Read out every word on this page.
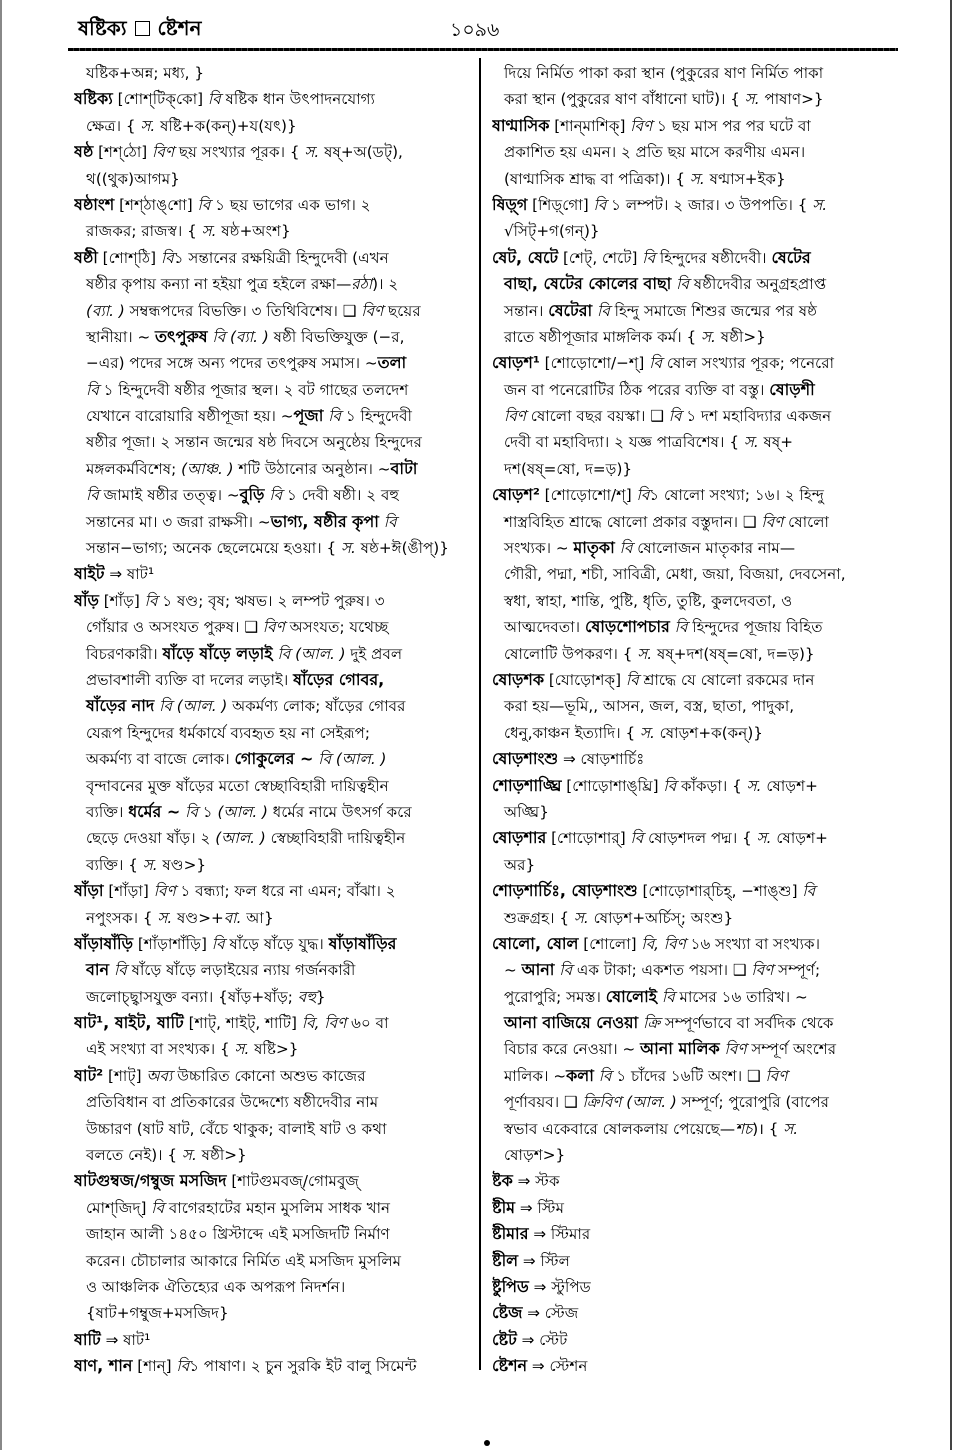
ষষ্টিক্য ষ্টেশন	১০৯৬
যষ্টিক+অন্ন; মধ্য, }
ষষ্টিক্য [শোশ্‌টিক্‌কো] বি ষষ্টিক ধান উৎপাদনযোগ্য
ক্ষেত্র। { স. ষষ্টি+ক(কন্‌)+য(যৎ)}
ষষ্ঠ [শশ্‌ঠো] বিণ ছয় সংখ্যার পূরক। { স. ষষ্‌+অ(ডট্‌),
থ((থুক)আগম}
ষষ্ঠাংশ [শশ্‌ঠাঙ্‌শো] বি ১ ছয় ভাগের এক ভাগ। ২
রাজকর; রাজস্ব। { স. ষষ্ঠ+অংশ}
ষষ্ঠী [শোশ্‌ঠি] বি১ সন্তানের রক্ষয়িত্রী হিন্দুদেবী (এখন
ষষ্ঠীর কৃপায় কন্যা না হইয়া পুত্র হইলে রক্ষা—রঠা)। ২
(ব্যা. ) সম্বন্ধপদের বিভক্তি। ৩ তিথিবিশেষ। ❑ বিণ ছয়ের
স্থানীয়া। ~ তৎপুরুষ বি (ব্যা. ) ষষ্ঠী বিভক্তিযুক্ত (−র,
−এর) পদের সঙ্গে অন্য পদের তৎপুরুষ সমাস। ~তলা
বি ১ হিন্দুদেবী ষষ্ঠীর পূজার স্থল। ২ বট গাছের তলদেশ
যেখানে বারোয়ারি ষষ্ঠীপূজা হয়। ~পূজা বি ১ হিন্দুদেবী
ষষ্ঠীর পূজা। ২ সন্তান জন্মের ষষ্ঠ দিবসে অনুষ্ঠেয় হিন্দুদের
মঙ্গলকর্মবিশেষ; (আঞ্চ. ) শটি উঠানোর অনুষ্ঠান। ~বাটা
বি জামাই ষষ্ঠীর তত্ত্ব। ~বুড়ি বি ১ দেবী ষষ্ঠী। ২ বহু
সন্তানের মা। ৩ জরা রাক্ষসী। ~ভাগ্য, ষষ্ঠীর কৃপা বি
সন্তান−ভাগ্য; অনেক ছেলেমেয়ে হওয়া। { স. ষষ্ঠ+ঈ(ঙীপ্‌)}
ষাইট ⇒ ষাট¹
ষাঁড় [শাঁড়] বি ১ ষণ্ড; বৃষ; ঋষভ। ২ লম্পট পুরুষ। ৩
গোঁয়ার ও অসংযত পুরুষ। ❑ বিণ অসংযত; যথেচ্ছ
বিচরণকারী। ষাঁড়ে ষাঁড়ে লড়াই বি (আল. ) দুই প্রবল
প্রভাবশালী ব্যক্তি বা দলের লড়াই। ষাঁড়ের গোবর,
ষাঁড়ের নাদ বি (আল. ) অকর্মণ্য লোক; ষাঁড়ের গোবর
যেরূপ হিন্দুদের ধর্মকার্যে ব্যবহৃত হয় না সেইরূপ;
অকর্মণ্য বা বাজে লোক। গোকুলের ~ বি (আল. )
বৃন্দাবনের মুক্ত ষাঁড়ের মতো স্বেচ্ছাবিহারী দায়িত্বহীন
ব্যক্তি। ধর্মের ~ বি ১ (আল. ) ধর্মের নামে উৎসর্গ করে
ছেড়ে দেওয়া ষাঁড়। ২ (আল. ) স্বেচ্ছাবিহারী দায়িত্বহীন
ব্যক্তি। { স. ষণ্ড>}
ষাঁড়া [শাঁড়া] বিণ ১ বন্ধ্যা; ফল ধরে না এমন; বাঁঝা। ২
নপুংসক। { স. ষণ্ড>+বা. আ}
ষাঁড়াষাঁড়ি [শাঁড়াশাঁড়ি] বি ষাঁড়ে ষাঁড়ে যুদ্ধ। ষাঁড়াষাঁড়ির
বান বি ষাঁড়ে ষাঁড়ে লড়াইয়ের ন্যায় গর্জনকারী
জলোচ্ছ্বাসযুক্ত বন্যা। {ষাঁড়+ষাঁড়; বহু}
ষাট¹, ষাইট, ষাটি [শাট্‌, শাইট্‌, শাটি] বি, বিণ ৬০ বা
এই সংখ্যা বা সংখ্যক। { স. ষষ্টি>}
ষাট² [শাট্‌] অব্য উচ্চারিত কোনো অশুভ কাজের
প্রতিবিধান বা প্রতিকারের উদ্দেশ্যে ষষ্ঠীদেবীর নাম
উচ্চারণ (ষাট ষাট, বেঁচে থাকুক; বালাই ষাট ও কথা
বলতে নেই)। { স. ষষ্ঠী>}
ষাটগুম্বজ/গম্বুজ মসজিদ [শাটগুমবজ্‌/গোমবুজ্‌
মোশ্‌জিদ্‌] বি বাগেরহাটের মহান মুসলিম সাধক খান
জাহান আলী ১৪৫০ খ্রিস্টাব্দে এই মসজিদটি নির্মাণ
করেন। চৌচালার আকারে নির্মিত এই মসজিদ মুসলিম
ও আঞ্চলিক ঐতিহ্যের এক অপরূপ নিদর্শন।
{ষাট+গম্বুজ+মসজিদ}
ষাটি ⇒ ষাট¹
ষাণ, শান [শান্‌] বি১ পাষাণ। ২ চুন সুরকি ইট বালু সিমেন্ট
দিয়ে নির্মিত পাকা করা স্থান (পুকুরের ষাণ নির্মিত পাকা
করা স্থান (পুকুরের ষাণ বাঁধানো ঘাট)। { স. পাষাণ>}
ষাণ্মাসিক [শান্‌মাশিক্‌] বিণ ১ ছয় মাস পর পর ঘটে বা
প্রকাশিত হয় এমন। ২ প্রতি ছয় মাসে করণীয় এমন।
(ষাণ্মাসিক শ্রাদ্ধ বা পত্রিকা)। { স. ষণ্মাস+ইক}
ষিড়্‌গ [শিড়্‌গো] বি ১ লম্পট। ২ জার। ৩ উপপতি। { স.
√সিট্‌+গ(গন্‌)}
ষেট, ষেটে [শেট্‌, শেটে] বি হিন্দুদের ষষ্ঠীদেবী। ষেটের
বাছা, ষেটের কোলের বাছা বি ষষ্ঠীদেবীর অনুগ্রহপ্রাপ্ত
সন্তান। ষেটেরা বি হিন্দু সমাজে শিশুর জন্মের পর ষষ্ঠ
রাতে ষষ্ঠীপূজার মাঙ্গলিক কর্ম। { স. ষষ্ঠী>}
ষোড়শ¹ [শোড়োশো/−শ্‌] বি ষোল সংখ্যার পূরক; পনেরো
জন বা পনেরোটির ঠিক পরের ব্যক্তি বা বস্তু। ষোড়শী
বিণ ষোলো বছর বয়স্কা। ❑ বি ১ দশ মহাবিদ্যার একজন
দেবী বা মহাবিদ্যা। ২ যজ্ঞ পাত্রবিশেষ। { স. ষষ্‌+
দশ(ষষ্‌=ষো, দ=ড়)}
ষোড়শ² [শোড়োশো/শ্‌] বি১ ষোলো সংখ্যা; ১৬। ২ হিন্দু
শাস্ত্রবিহিত শ্রাদ্ধে ষোলো প্রকার বস্তুদান। ❑ বিণ ষোলো
সংখ্যক। ~ মাতৃকা বি ষোলোজন মাতৃকার নাম—
গৌরী, পদ্মা, শচী, সাবিত্রী, মেধা, জয়া, বিজয়া, দেবসেনা,
স্বধা, স্বাহা, শান্তি, পুষ্টি, ধৃতি, তুষ্টি, কুলদেবতা, ও
আত্মদেবতা। ষোড়শোপচার বি হিন্দুদের পূজায় বিহিত
ষোলোটি উপকরণ। { স. ষষ্‌+দশ(ষষ্‌=ষো, দ=ড়)}
ষোড়শক [যোড়োশক্‌] বি শ্রাদ্ধে যে ষোলো রকমের দান
করা হয়—ভূমি,, আসন, জল, বস্ত্র, ছাতা, পাদুকা,
ধেনু,কাঞ্চন ইত্যাদি। { স. ষোড়শ+ক(কন্‌)}
ষোড়শাংশু ⇒ ষোড়শার্চিঃ
শোড়শাঙ্ঘ্রি [শোড়োশাঙ্‌ঘ্রি] বি কাঁকড়া। { স. ষোড়শ+
অঙ্ঘ্রি}
ষোড়শার [শোড়োশার্‌] বি ষোড়শদল পদ্ম। { স. ষোড়শ+
অর}
শোড়শার্চিঃ, ষোড়শাংশু [শোড়োশার্‌চিহ্‌, −শাঙ্‌শু] বি
শুক্রগ্রহ। { স. ষোড়শ+অর্চিস্‌; অংশু}
ষোলো, ষোল [শোলো] বি, বিণ ১৬ সংখ্যা বা সংখ্যক।
~ আনা বি এক টাকা; একশত পয়সা। ❑ বিণ সম্পূর্ণ;
পুরোপুরি; সমস্ত। ষোলোই বি মাসের ১৬ তারিখ। ~
আনা বাজিয়ে নেওয়া ক্রি সম্পূর্ণভাবে বা সর্বদিক থেকে
বিচার করে নেওয়া। ~ আনা মালিক বিণ সম্পূর্ণ অংশের
মালিক। ~কলা বি ১ চাঁদের ১৬টি অংশ। ❑ বিণ
পূর্ণাবয়ব। ❑ ক্রিবিণ (আল. ) সম্পূর্ণ; পুরোপুরি (বাপের
স্বভাব একেবারে ষোলকলায় পেয়েছে—শচ)। { স.
ষোড়শ>}
ষ্টক ⇒ স্টক
ষ্টীম ⇒ স্টিম
ষ্টীমার ⇒ স্টিমার
ষ্টীল ⇒ স্টিল
ষ্টুপিড ⇒ স্টুপিড
ষ্টেজ ⇒ স্টেজ
ষ্টেট ⇒ স্টেট
ষ্টেশন ⇒ স্টেশন
